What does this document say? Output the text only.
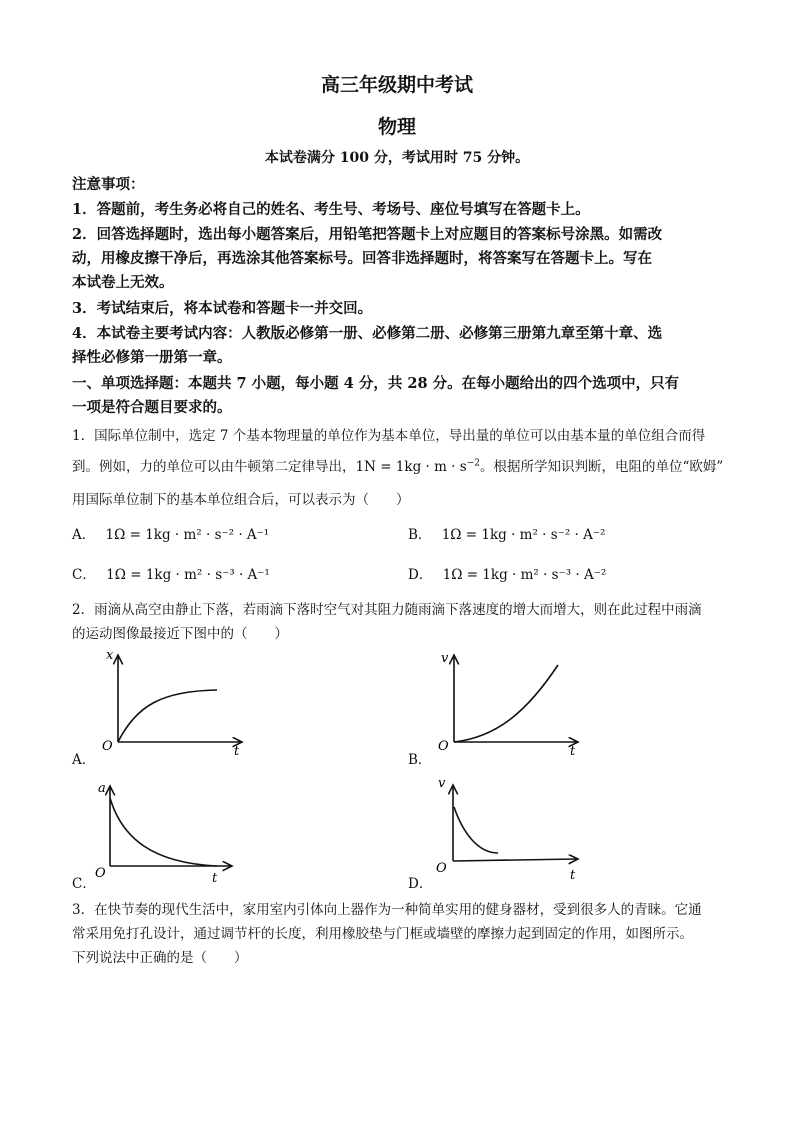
高三年级期中考试
物理
本试卷满分 100 分，考试用时 75 分钟。
注意事项：
1．答题前，考生务必将自己的姓名、考生号、考场号、座位号填写在答题卡上。
2．回答选择题时，选出每小题答案后，用铅笔把答题卡上对应题目的答案标号涂黑。如需改
动，用橡皮擦干净后，再选涂其他答案标号。回答非选择题时，将答案写在答题卡上。写在
本试卷上无效。
3．考试结束后，将本试卷和答题卡一并交回。
4．本试卷主要考试内容：人教版必修第一册、必修第二册、必修第三册第九章至第十章、选
择性必修第一册第一章。
一、单项选择题：本题共 7 小题，每小题 4 分，共 28 分。在每小题给出的四个选项中，只有
一项是符合题目要求的。
1．国际单位制中，选定 7 个基本物理量的单位作为基本单位，导出量的单位可以由基本量的单位组合而得
到。例如，力的单位可以由牛顿第二定律导出，$1N = 1kg \cdot m \cdot s^{-2}$。根据所学知识判断，电阻的单位“欧姆”
用国际单位制下的基本单位组合后，可以表示为（　　）
A． 1Ω = 1kg · m² · s⁻² · A⁻¹	B． 1Ω = 1kg · m² · s⁻² · A⁻²
C． 1Ω = 1kg · m² · s⁻³ · A⁻¹	D． 1Ω = 1kg · m² · s⁻³ · A⁻²
2．雨滴从高空由静止下落，若雨滴下落时空气对其阻力随雨滴下落速度的增大而增大，则在此过程中雨滴
的运动图像最接近下图中的（　　）
A．
x
t
O
B．
v
t
O
C．
a
t
O
D．
v
t
O
3．在快节奏的现代生活中，家用室内引体向上器作为一种简单实用的健身器材，受到很多人的青睐。它通
常采用免打孔设计，通过调节杆的长度，利用橡胶垫与门框或墙壁的摩擦力起到固定的作用，如图所示。
下列说法中正确的是（　　）
